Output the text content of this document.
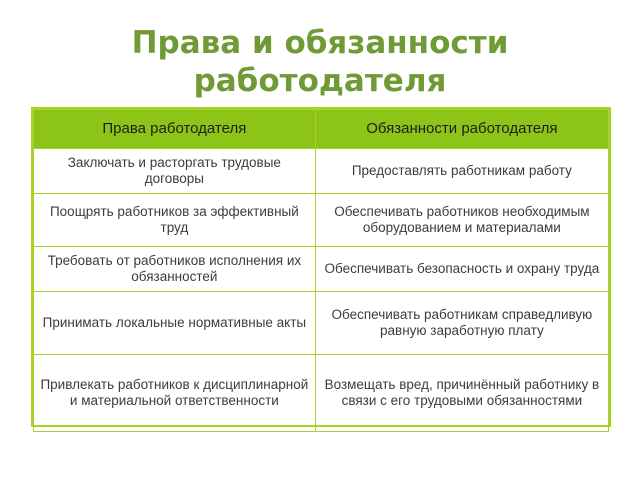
Права и обязанности
работодателя
Права работодателя	Обязанности работодателя
Заключать и расторгать трудовые договоры	Предоставлять работникам работу
Поощрять работников за эффективный труд	Обеспечивать работников необходимым оборудованием и материалами
Требовать от работников исполнения их обязанностей	Обеспечивать безопасность и охрану труда
Принимать локальные нормативные акты	Обеспечивать работникам справедливую равную заработную плату
Привлекать работников к дисциплинарной и материальной ответственности	Возмещать вред, причинённый работнику в связи с его трудовыми обязанностями
